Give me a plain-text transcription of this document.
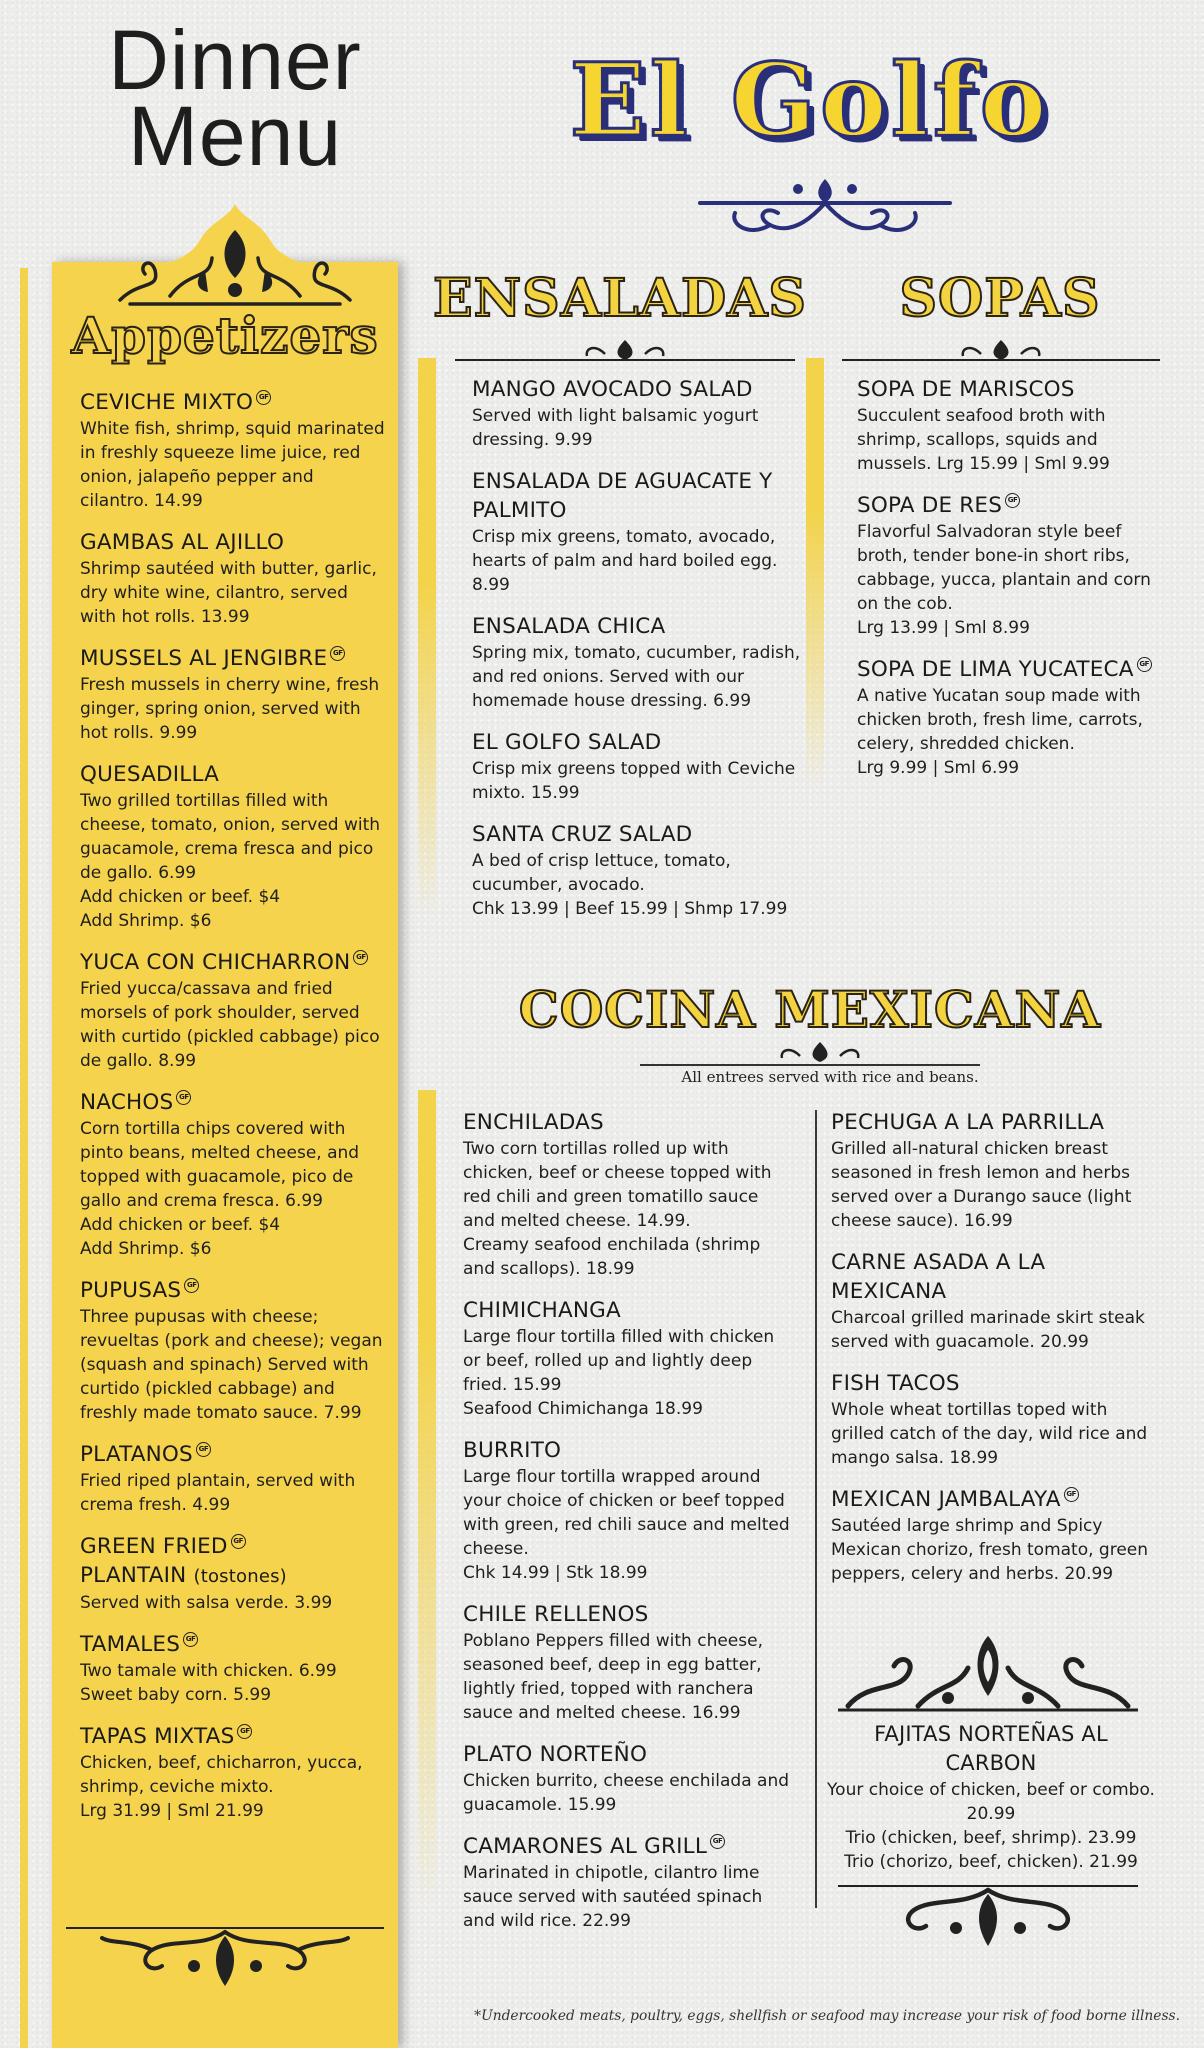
Dinner
Menu	El Golfo
Appetizers
CEVICHE MIXTO GF
White fish, shrimp, squid marinated in freshly squeeze lime juice, red onion, jalapeño pepper and cilantro. 14.99
GAMBAS AL AJILLO
Shrimp sautéed with butter, garlic, dry white wine, cilantro, served with hot rolls. 13.99
MUSSELS AL JENGIBRE GF
Fresh mussels in cherry wine, fresh ginger, spring onion, served with hot rolls. 9.99
QUESADILLA
Two grilled tortillas filled with cheese, tomato, onion, served with guacamole, crema fresca and pico de gallo. 6.99
Add chicken or beef. $4
Add Shrimp. $6
YUCA CON CHICHARRON GF
Fried yucca/cassava and fried morsels of pork shoulder, served with curtido (pickled cabbage) pico de gallo. 8.99
NACHOS GF
Corn tortilla chips covered with pinto beans, melted cheese, and topped with guacamole, pico de gallo and crema fresca. 6.99
Add chicken or beef. $4
Add Shrimp. $6
PUPUSAS GF
Three pupusas with cheese; revueltas (pork and cheese); vegan (squash and spinach) Served with curtido (pickled cabbage) and freshly made tomato sauce. 7.99
PLATANOS GF
Fried riped plantain, served with crema fresh. 4.99
GREEN FRIED GF
PLANTAIN (tostones)
Served with salsa verde. 3.99
TAMALES GF
Two tamale with chicken. 6.99
Sweet baby corn. 5.99
TAPAS MIXTAS GF
Chicken, beef, chicharron, yucca, shrimp, ceviche mixto.
Lrg 31.99 | Sml 21.99
ENSALADAS
MANGO AVOCADO SALAD
Served with light balsamic yogurt dressing. 9.99
ENSALADA DE AGUACATE Y PALMITO
Crisp mix greens, tomato, avocado, hearts of palm and hard boiled egg. 8.99
ENSALADA CHICA
Spring mix, tomato, cucumber, radish, and red onions. Served with our homemade house dressing. 6.99
EL GOLFO SALAD
Crisp mix greens topped with Ceviche mixto. 15.99
SANTA CRUZ SALAD
A bed of crisp lettuce, tomato, cucumber, avocado.
Chk 13.99 | Beef 15.99 | Shmp 17.99
SOPAS
SOPA DE MARISCOS
Succulent seafood broth with shrimp, scallops, squids and mussels. Lrg 15.99 | Sml 9.99
SOPA DE RES GF
Flavorful Salvadoran style beef broth, tender bone-in short ribs, cabbage, yucca, plantain and corn on the cob.
Lrg 13.99 | Sml 8.99
SOPA DE LIMA YUCATECA GF
A native Yucatan soup made with chicken broth, fresh lime, carrots, celery, shredded chicken.
Lrg 9.99 | Sml 6.99
COCINA MEXICANA
All entrees served with rice and beans.
ENCHILADAS
Two corn tortillas rolled up with chicken, beef or cheese topped with red chili and green tomatillo sauce and melted cheese. 14.99.
Creamy seafood enchilada (shrimp and scallops). 18.99
CHIMICHANGA
Large flour tortilla filled with chicken or beef, rolled up and lightly deep fried. 15.99
Seafood Chimichanga 18.99
BURRITO
Large flour tortilla wrapped around your choice of chicken or beef topped with green, red chili sauce and melted cheese.
Chk 14.99 | Stk 18.99
CHILE RELLENOS
Poblano Peppers filled with cheese, seasoned beef, deep in egg batter, lightly fried, topped with ranchera sauce and melted cheese. 16.99
PLATO NORTEÑO
Chicken burrito, cheese enchilada and guacamole. 15.99
CAMARONES AL GRILL GF
Marinated in chipotle, cilantro lime sauce served with sautéed spinach and wild rice. 22.99
PECHUGA A LA PARRILLA
Grilled all-natural chicken breast seasoned in fresh lemon and herbs served over a Durango sauce (light cheese sauce). 16.99
CARNE ASADA A LA MEXICANA
Charcoal grilled marinade skirt steak served with guacamole. 20.99
FISH TACOS
Whole wheat tortillas toped with grilled catch of the day, wild rice and mango salsa. 18.99
MEXICAN JAMBALAYA GF
Sautéed large shrimp and Spicy Mexican chorizo, fresh tomato, green peppers, celery and herbs. 20.99
FAJITAS NORTEÑAS AL CARBON
Your choice of chicken, beef or combo. 20.99
Trio (chicken, beef, shrimp). 23.99
Trio (chorizo, beef, chicken). 21.99
*Undercooked meats, poultry, eggs, shellfish or seafood may increase your risk of food borne illness.
